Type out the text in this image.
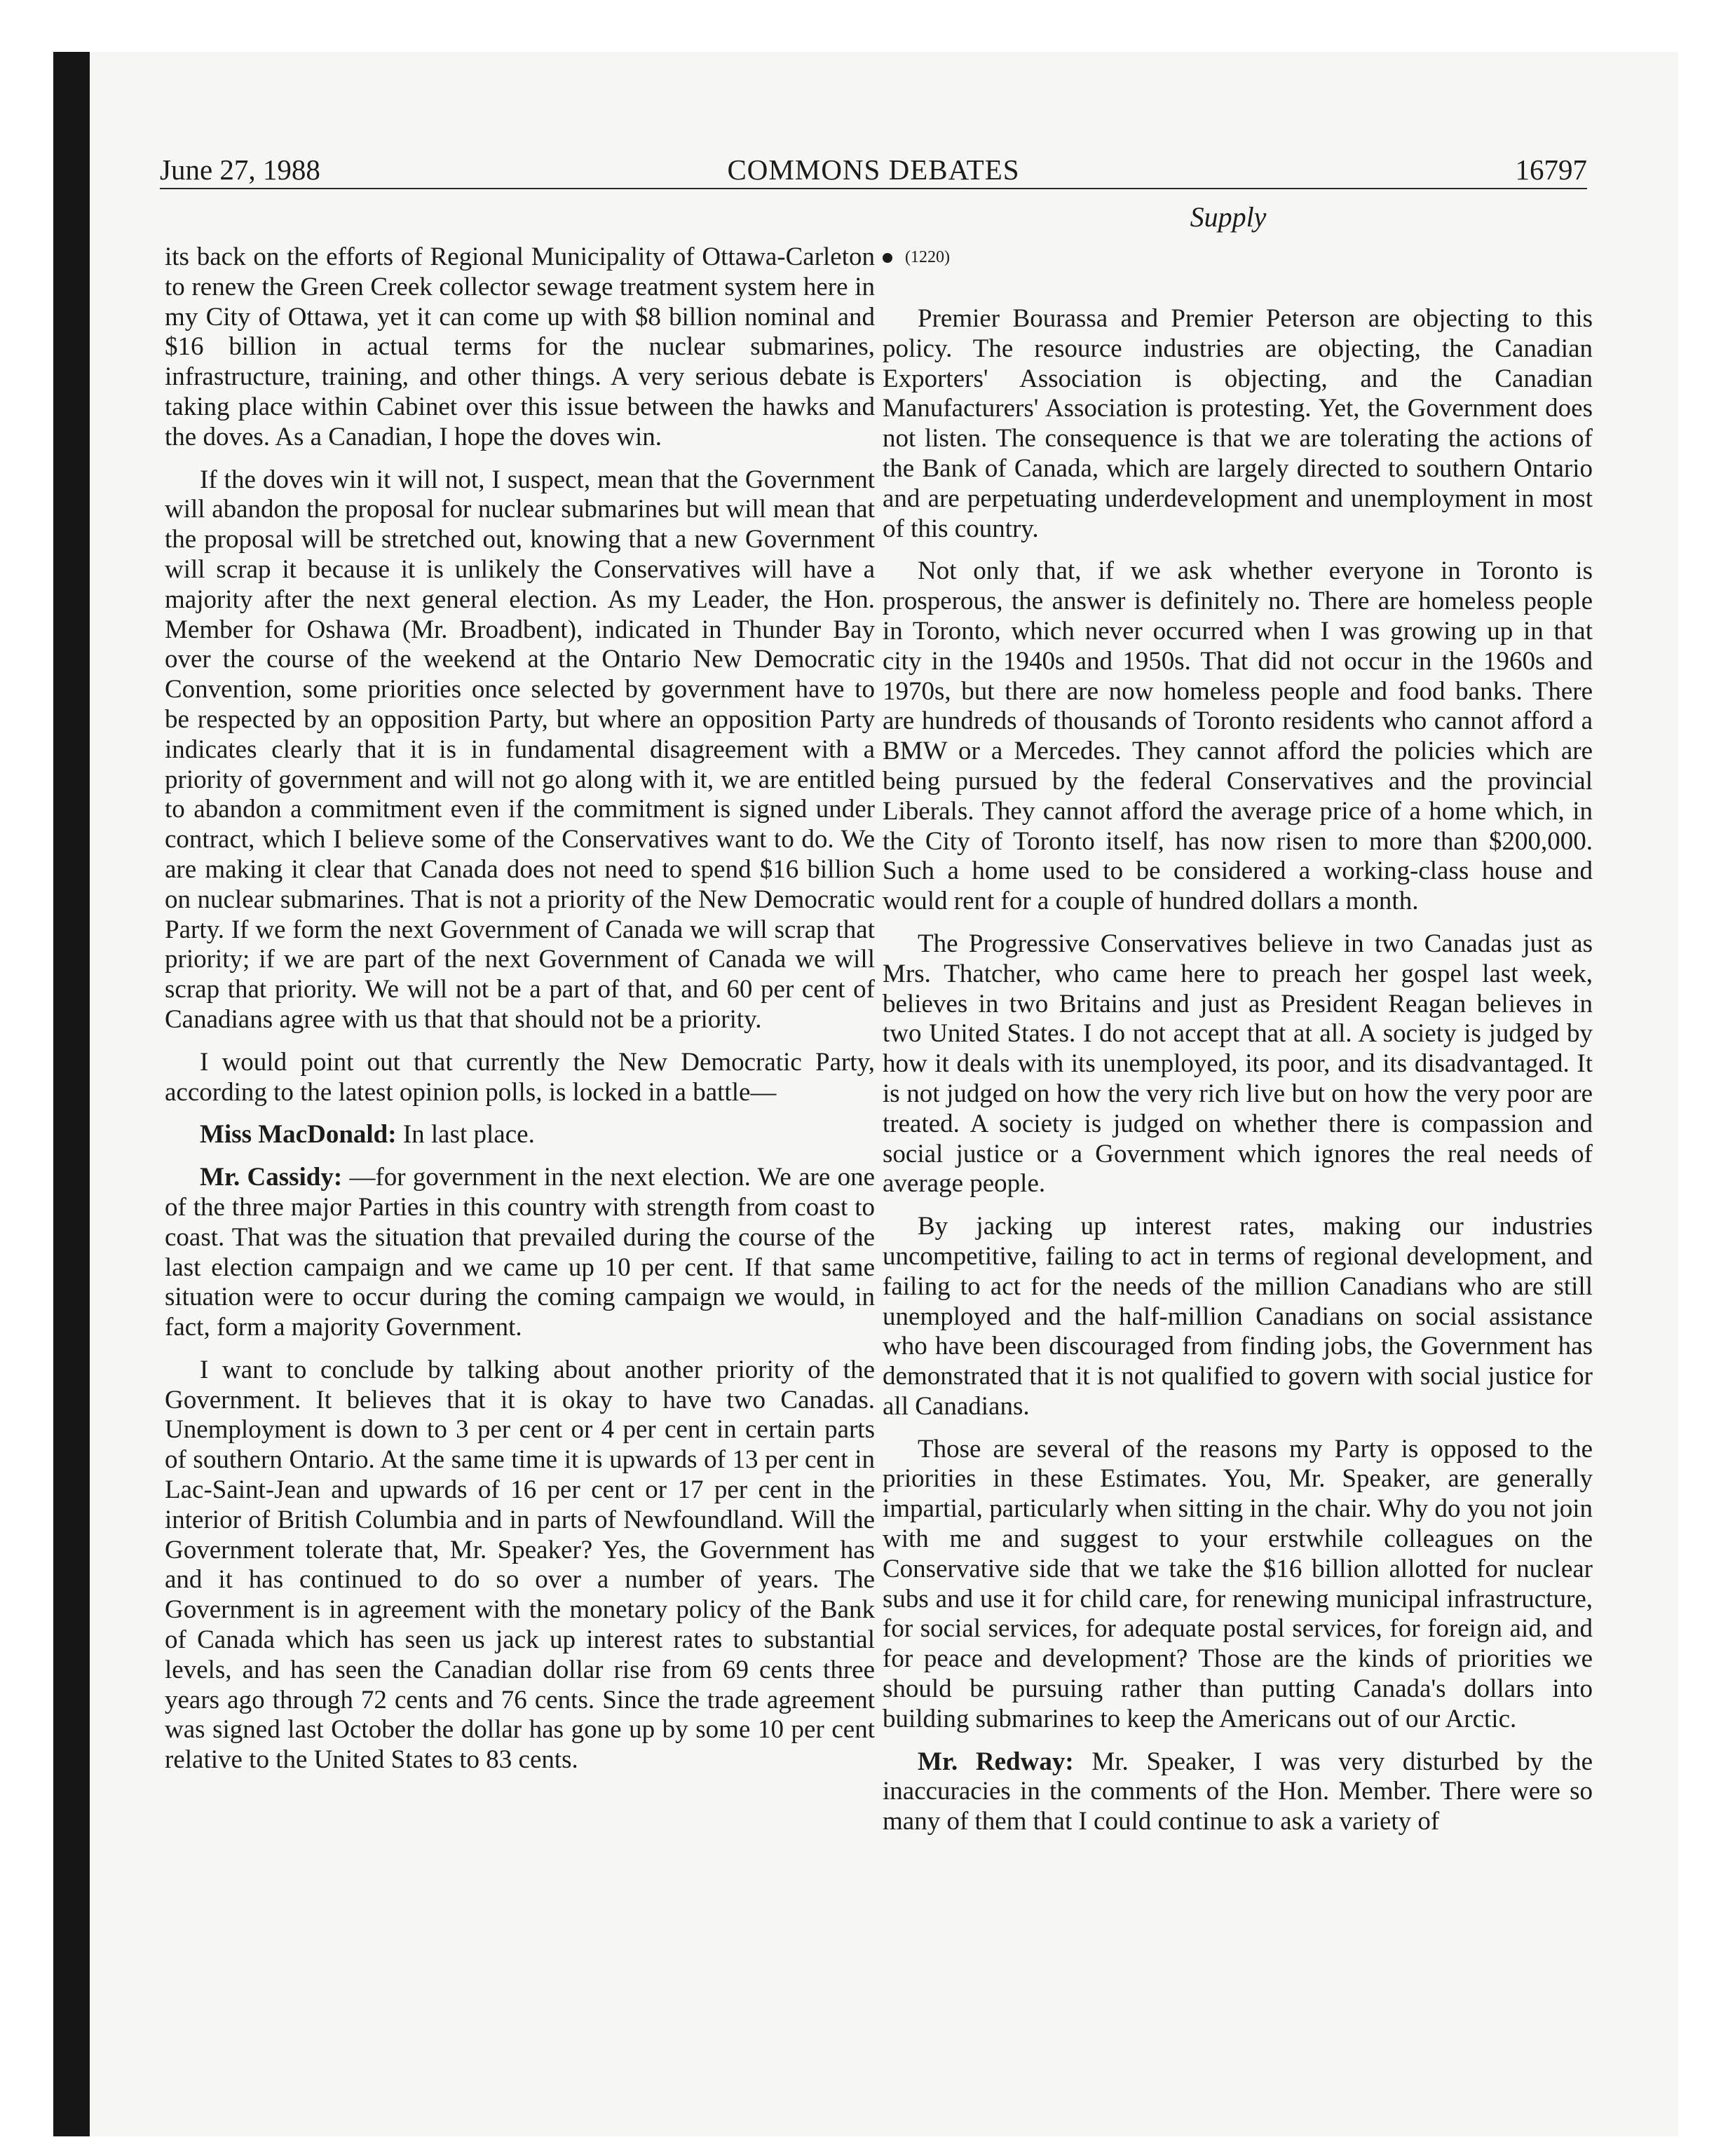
June 27, 1988	COMMONS DEBATES	16797
Supply

its back on the efforts of Regional Municipality of Ottawa-Carleton to renew the Green Creek collector sewage treatment system here in my City of Ottawa, yet it can come up with $8 billion nominal and $16 billion in actual terms for the nuclear submarines, infrastructure, training, and other things. A very serious debate is taking place within Cabinet over this issue between the hawks and the doves. As a Canadian, I hope the doves win.

If the doves win it will not, I suspect, mean that the Government will abandon the proposal for nuclear submarines but will mean that the proposal will be stretched out, knowing that a new Government will scrap it because it is unlikely the Conservatives will have a majority after the next general election. As my Leader, the Hon. Member for Oshawa (Mr. Broadbent), indicated in Thunder Bay over the course of the weekend at the Ontario New Democratic Convention, some priorities once selected by government have to be respected by an opposition Party, but where an opposition Party indicates clearly that it is in fundamental disagreement with a priority of government and will not go along with it, we are entitled to abandon a commitment even if the commitment is signed under contract, which I believe some of the Conservatives want to do. We are making it clear that Canada does not need to spend $16 billion on nuclear submarines. That is not a priority of the New Democratic Party. If we form the next Government of Canada we will scrap that priority; if we are part of the next Government of Canada we will scrap that priority. We will not be a part of that, and 60 per cent of Canadians agree with us that that should not be a priority.

I would point out that currently the New Democratic Party, according to the latest opinion polls, is locked in a battle—

Miss MacDonald: In last place.

Mr. Cassidy: —for government in the next election. We are one of the three major Parties in this country with strength from coast to coast. That was the situation that prevailed during the course of the last election campaign and we came up 10 per cent. If that same situation were to occur during the coming campaign we would, in fact, form a majority Government.

I want to conclude by talking about another priority of the Government. It believes that it is okay to have two Canadas. Unemployment is down to 3 per cent or 4 per cent in certain parts of southern Ontario. At the same time it is upwards of 13 per cent in Lac-Saint-Jean and upwards of 16 per cent or 17 per cent in the interior of British Columbia and in parts of Newfoundland. Will the Government tolerate that, Mr. Speaker? Yes, the Government has and it has continued to do so over a number of years. The Government is in agreement with the monetary policy of the Bank of Canada which has seen us jack up interest rates to substantial levels, and has seen the Canadian dollar rise from 69 cents three years ago through 72 cents and 76 cents. Since the trade agreement was signed last October the dollar has gone up by some 10 per cent relative to the United States to 83 cents.

(1220)

Premier Bourassa and Premier Peterson are objecting to this policy. The resource industries are objecting, the Canadian Exporters' Association is objecting, and the Canadian Manufacturers' Association is protesting. Yet, the Government does not listen. The consequence is that we are tolerating the actions of the Bank of Canada, which are largely directed to southern Ontario and are perpetuating underdevelopment and unemployment in most of this country.

Not only that, if we ask whether everyone in Toronto is prosperous, the answer is definitely no. There are homeless people in Toronto, which never occurred when I was growing up in that city in the 1940s and 1950s. That did not occur in the 1960s and 1970s, but there are now homeless people and food banks. There are hundreds of thousands of Toronto residents who cannot afford a BMW or a Mercedes. They cannot afford the policies which are being pursued by the federal Conservatives and the provincial Liberals. They cannot afford the average price of a home which, in the City of Toronto itself, has now risen to more than $200,000. Such a home used to be considered a working-class house and would rent for a couple of hundred dollars a month.

The Progressive Conservatives believe in two Canadas just as Mrs. Thatcher, who came here to preach her gospel last week, believes in two Britains and just as President Reagan believes in two United States. I do not accept that at all. A society is judged by how it deals with its unemployed, its poor, and its disadvantaged. It is not judged on how the very rich live but on how the very poor are treated. A society is judged on whether there is compassion and social justice or a Government which ignores the real needs of average people.

By jacking up interest rates, making our industries uncompetitive, failing to act in terms of regional development, and failing to act for the needs of the million Canadians who are still unemployed and the half-million Canadians on social assistance who have been discouraged from finding jobs, the Government has demonstrated that it is not qualified to govern with social justice for all Canadians.

Those are several of the reasons my Party is opposed to the priorities in these Estimates. You, Mr. Speaker, are generally impartial, particularly when sitting in the chair. Why do you not join with me and suggest to your erstwhile colleagues on the Conservative side that we take the $16 billion allotted for nuclear subs and use it for child care, for renewing municipal infrastructure, for social services, for adequate postal services, for foreign aid, and for peace and development? Those are the kinds of priorities we should be pursuing rather than putting Canada's dollars into building submarines to keep the Americans out of our Arctic.

Mr. Redway: Mr. Speaker, I was very disturbed by the inaccuracies in the comments of the Hon. Member. There were so many of them that I could continue to ask a variety of
